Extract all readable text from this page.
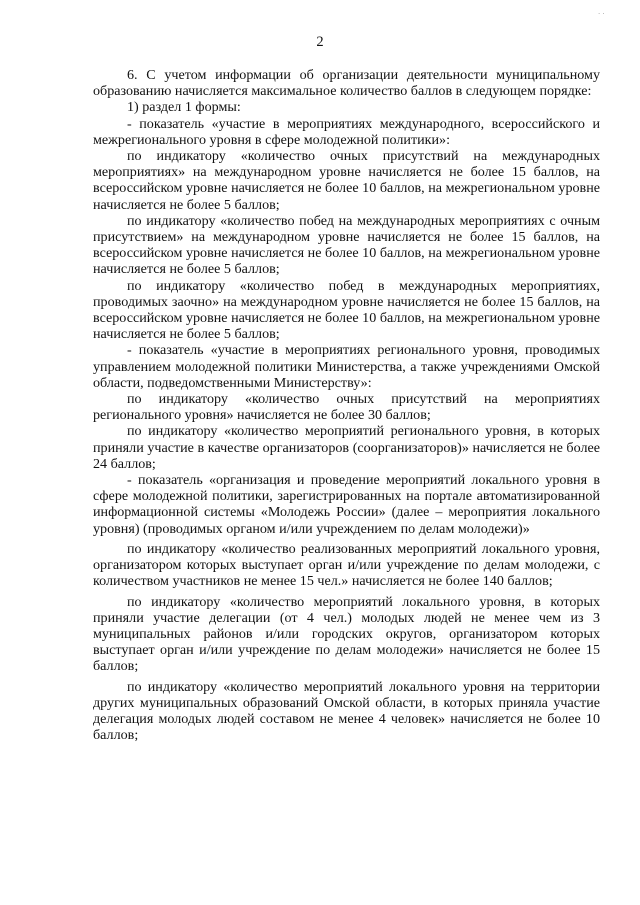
· ·
2

6. С учетом информации об организации деятельности муниципальному образованию начисляется максимальное количество баллов в следующем порядке:

1) раздел 1 формы:

- показатель «участие в мероприятиях международного, всероссийского и межрегионального уровня в сфере молодежной политики»:

по индикатору «количество очных присутствий на международных мероприятиях» на международном уровне начисляется не более 15 баллов, на всероссийском уровне начисляется не более 10 баллов, на межрегиональном уровне начисляется не более 5 баллов;

по индикатору «количество побед на международных мероприятиях с очным присутствием» на международном уровне начисляется не более 15 баллов, на всероссийском уровне начисляется не более 10 баллов, на межрегиональном уровне начисляется не более 5 баллов;

по индикатору «количество побед в международных мероприятиях, проводимых заочно» на международном уровне начисляется не более 15 баллов, на всероссийском уровне начисляется не более 10 баллов, на межрегиональном уровне начисляется не более 5 баллов;

- показатель «участие в мероприятиях регионального уровня, проводимых управлением молодежной политики Министерства, а также учреждениями Омской области, подведомственными Министерству»:

по индикатору «количество очных присутствий на мероприятиях регионального уровня» начисляется не более 30 баллов;

по индикатору «количество мероприятий регионального уровня, в которых приняли участие в качестве организаторов (соорганизаторов)» начисляется не более 24 баллов;

- показатель «организация и проведение мероприятий локального уровня в сфере молодежной политики, зарегистрированных на портале автоматизированной информационной системы «Молодежь России» (далее – мероприятия локального уровня) (проводимых органом и/или учреждением по делам молодежи)»

по индикатору «количество реализованных мероприятий локального уровня, организатором которых выступает орган и/или учреждение по делам молодежи, с количеством участников не менее 15 чел.» начисляется не более 140 баллов;

по индикатору «количество мероприятий локального уровня, в которых приняли участие делегации (от 4 чел.) молодых людей не менее чем из 3 муниципальных районов и/или городских округов, организатором которых выступает орган и/или учреждение по делам молодежи» начисляется не более 15 баллов;

по индикатору «количество мероприятий локального уровня на территории других муниципальных образований Омской области, в которых приняла участие делегация молодых людей составом не менее 4 человек» начисляется не более 10 баллов;
